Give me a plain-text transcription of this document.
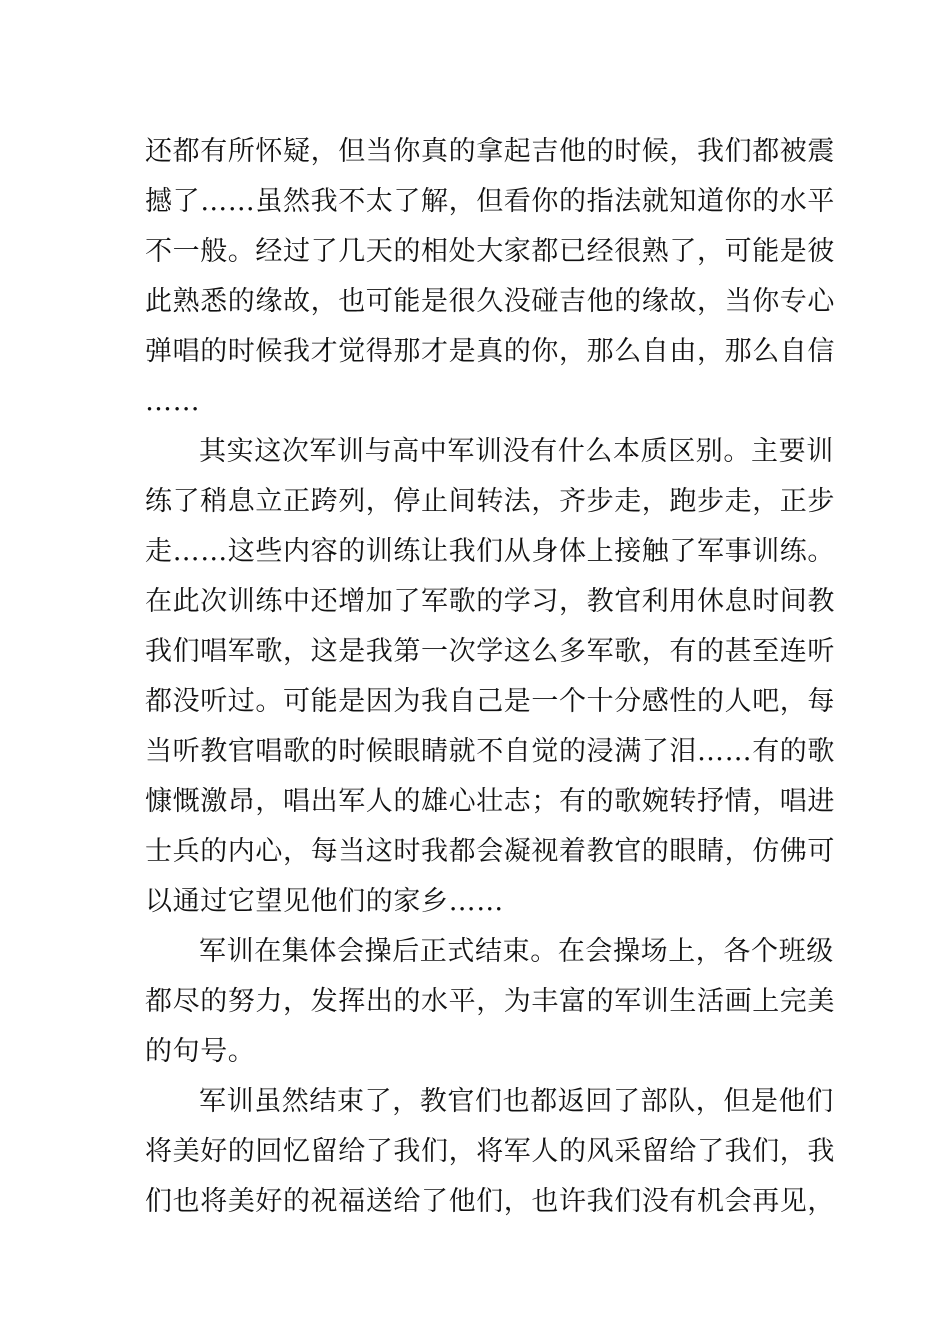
还都有所怀疑，但当你真的拿起吉他的时候，我们都被震
撼了……虽然我不太了解，但看你的指法就知道你的水平
不一般。经过了几天的相处大家都已经很熟了，可能是彼
此熟悉的缘故，也可能是很久没碰吉他的缘故，当你专心
弹唱的时候我才觉得那才是真的你，那么自由，那么自信
……
其实这次军训与高中军训没有什么本质区别。主要训
练了稍息立正跨列，停止间转法，齐步走，跑步走，正步
走……这些内容的训练让我们从身体上接触了军事训练。
在此次训练中还增加了军歌的学习，教官利用休息时间教
我们唱军歌，这是我第一次学这么多军歌，有的甚至连听
都没听过。可能是因为我自己是一个十分感性的人吧，每
当听教官唱歌的时候眼睛就不自觉的浸满了泪……有的歌
慷慨激昂，唱出军人的雄心壮志；有的歌婉转抒情，唱进
士兵的内心，每当这时我都会凝视着教官的眼睛，仿佛可
以通过它望见他们的家乡……
军训在集体会操后正式结束。在会操场上，各个班级
都尽的努力，发挥出的水平，为丰富的军训生活画上完美
的句号。
军训虽然结束了，教官们也都返回了部队，但是他们
将美好的回忆留给了我们，将军人的风采留给了我们，我
们也将美好的祝福送给了他们，也许我们没有机会再见，
